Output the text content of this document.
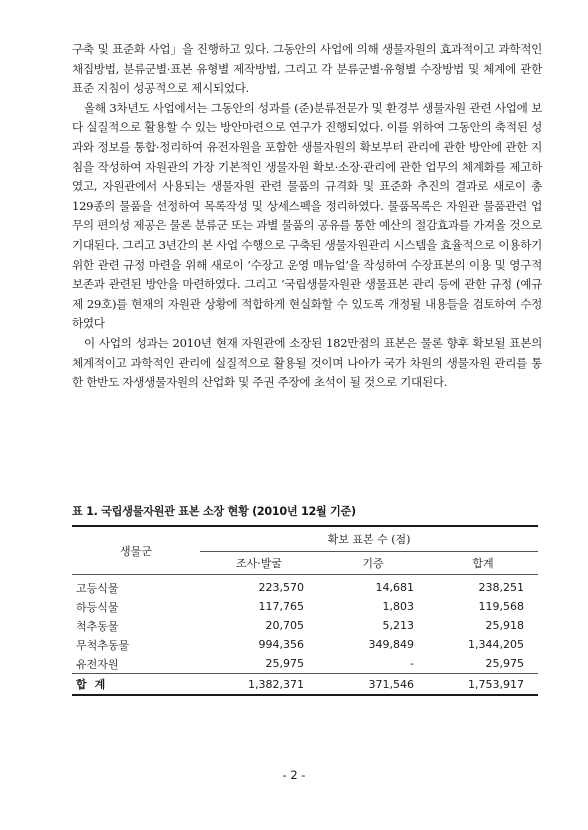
구축 및 표준화 사업」을 진행하고 있다. 그동안의 사업에 의해 생물자원의 효과적이고 과학적인 채집방법, 분류군별·표본 유형별 제작방법, 그리고 각 분류군별·유형별 수장방법 및 체계에 관한 표준 지침이 성공적으로 제시되었다.

올해 3차년도 사업에서는 그동안의 성과를 (준)분류전문가 및 환경부 생물자원 관련 사업에 보다 실질적으로 활용할 수 있는 방안마련으로 연구가 진행되었다. 이를 위하여 그동안의 축적된 성과와 정보를 통합·정리하여 유전자원을 포함한 생물자원의 확보부터 관리에 관한 방안에 관한 지침을 작성하여 자원관의 가장 기본적인 생물자원 확보·소장·관리에 관한 업무의 체계화를 제고하였고, 자원관에서 사용되는 생물자원 관련 물품의 규격화 및 표준화 추진의 결과로 새로이 총 129종의 물품을 선정하여 목록작성 및 상세스펙을 정리하였다. 물품목록은 자원관 물품관련 업무의 편의성 제공은 물론 분류군 또는 과별 물품의 공유를 통한 예산의 절감효과를 가져올 것으로 기대된다. 그리고 3년간의 본 사업 수행으로 구축된 생물자원관리 시스템을 효율적으로 이용하기 위한 관련 규정 마련을 위해 새로이 ‘수장고 운영 매뉴얼’을 작성하여 수장표본의 이용 및 영구적 보존과 관련된 방안을 마련하였다. 그리고 ‘국립생물자원관 생물표본 관리 등에 관한 규정 (예규 제 29호)를 현재의 자원관 상황에 적합하게 현실화할 수 있도록 개정될 내용들을 검토하여 수정하였다

이 사업의 성과는 2010년 현재 자원관에 소장된 182만점의 표본은 물론 향후 확보될 표본의 체계적이고 과학적인 관리에 실질적으로 활용될 것이며 나아가 국가 차원의 생물자원 관리를 통한 한반도 자생생물자원의 산업화 및 주권 주장에 초석이 될 것으로 기대된다.

표 1. 국립생물자원관 표본 소장 현황 (2010년 12월 기준)
생물군	확보 표본 수 (점)		
	조사·발굴	기증	합계
고등식물	223,570	14,681	238,251
하등식물	117,765	1,803	119,568
척추동물	20,705	5,213	25,918
무척추동물	994,356	349,849	1,344,205
유전자원	25,975	-	25,975
합계	1,382,371	371,546	1,753,917
- 2 -
